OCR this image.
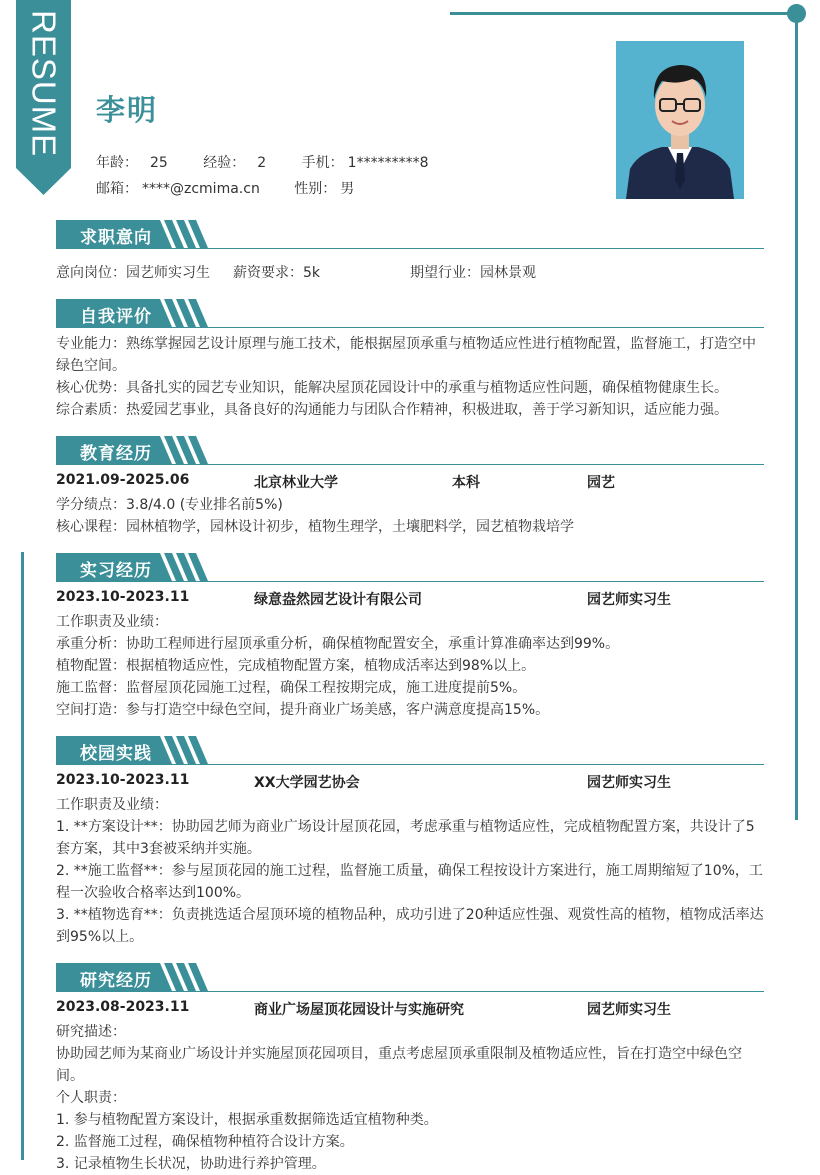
RESUME 李明
年龄： 25	经验： 2	手机： 1*********8
邮箱： ****@zcmima.cn 性别： 男
求职意向
意向岗位：园艺师实习生 薪资要求：5k	期望行业：园林景观
自我评价
专业能力：熟练掌握园艺设计原理与施工技术，能根据屋顶承重与植物适应性进行植物配置，监督施工，打造空中绿色空间。
核心优势：具备扎实的园艺专业知识，能解决屋顶花园设计中的承重与植物适应性问题，确保植物健康生长。
综合素质：热爱园艺事业，具备良好的沟通能力与团队合作精神，积极进取，善于学习新知识，适应能力强。
教育经历
2021.09-2025.06	北京林业大学	本科	园艺
学分绩点：3.8/4.0 (专业排名前5%)
核心课程：园林植物学，园林设计初步，植物生理学，土壤肥料学，园艺植物栽培学
实习经历
2023.10-2023.11	绿意盎然园艺设计有限公司	园艺师实习生
工作职责及业绩：
承重分析：协助工程师进行屋顶承重分析，确保植物配置安全，承重计算准确率达到99%。
植物配置：根据植物适应性，完成植物配置方案，植物成活率达到98%以上。
施工监督：监督屋顶花园施工过程，确保工程按期完成，施工进度提前5%。
空间打造：参与打造空中绿色空间，提升商业广场美感，客户满意度提高15%。
校园实践
2023.10-2023.11	XX大学园艺协会	园艺师实习生
工作职责及业绩：
1. **方案设计**：协助园艺师为商业广场设计屋顶花园，考虑承重与植物适应性，完成植物配置方案，共设计了5套方案，其中3套被采纳并实施。
2. **施工监督**：参与屋顶花园的施工过程，监督施工质量，确保工程按设计方案进行，施工周期缩短了10%，工程一次验收合格率达到100%。
3. **植物选育**：负责挑选适合屋顶环境的植物品种，成功引进了20种适应性强、观赏性高的植物，植物成活率达到95%以上。
研究经历
2023.08-2023.11	商业广场屋顶花园设计与实施研究	园艺师实习生
研究描述：
协助园艺师为某商业广场设计并实施屋顶花园项目，重点考虑屋顶承重限制及植物适应性，旨在打造空中绿色空间。
个人职责：
1. 参与植物配置方案设计，根据承重数据筛选适宜植物种类。
2. 监督施工过程，确保植物种植符合设计方案。
3. 记录植物生长状况，协助进行养护管理。
